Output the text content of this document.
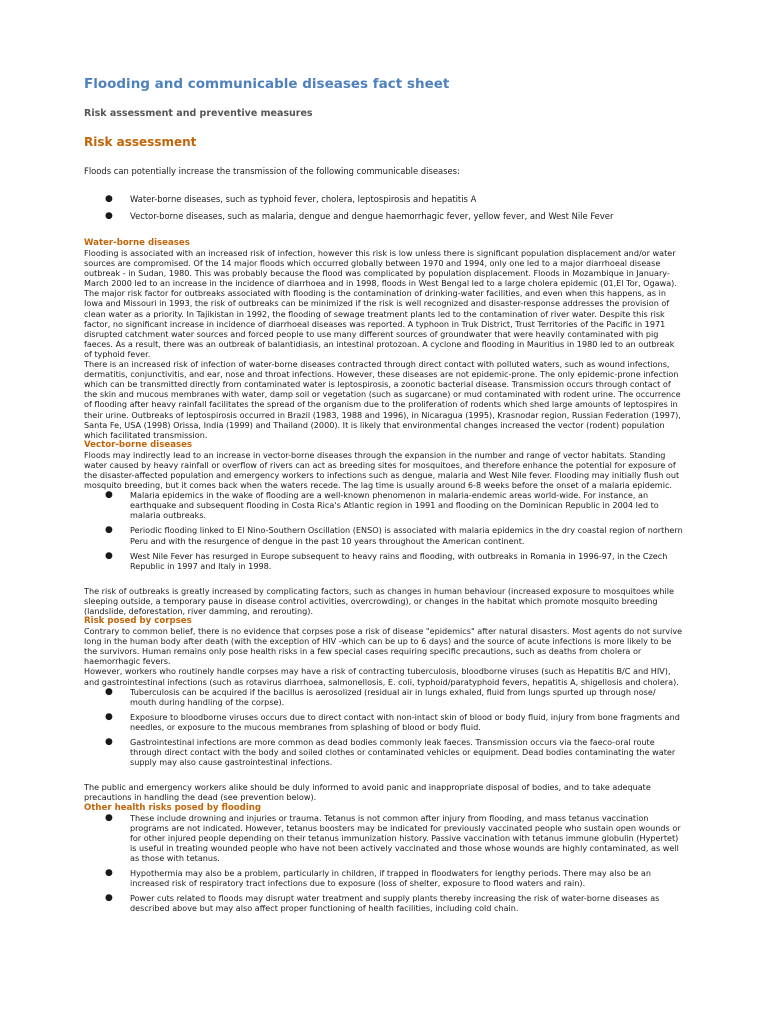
Flooding and communicable diseases fact sheet
Risk assessment and preventive measures
Risk assessment

Floods can potentially increase the transmission of the following communicable diseases:

● Water-borne diseases, such as typhoid fever, cholera, leptospirosis and hepatitis A
● Vector-borne diseases, such as malaria, dengue and dengue haemorrhagic fever, yellow fever, and West Nile Fever

Water-borne diseases

Flooding is associated with an increased risk of infection, however this risk is low unless there is significant population displacement and/or water sources are compromised. Of the 14 major floods which occurred globally between 1970 and 1994, only one led to a major diarrhoeal disease outbreak - in Sudan, 1980. This was probably because the flood was complicated by population displacement. Floods in Mozambique in January-March 2000 led to an increase in the incidence of diarrhoea and in 1998, floods in West Bengal led to a large cholera epidemic (01,El Tor, Ogawa).

The major risk factor for outbreaks associated with flooding is the contamination of drinking-water facilities, and even when this happens, as in Iowa and Missouri in 1993, the risk of outbreaks can be minimized if the risk is well recognized and disaster-response addresses the provision of clean water as a priority. In Tajikistan in 1992, the flooding of sewage treatment plants led to the contamination of river water. Despite this risk factor, no significant increase in incidence of diarrhoeal diseases was reported. A typhoon in Truk District, Trust Territories of the Pacific in 1971 disrupted catchment water sources and forced people to use many different sources of groundwater that were heavily contaminated with pig faeces. As a result, there was an outbreak of balantidiasis, an intestinal protozoan. A cyclone and flooding in Mauritius in 1980 led to an outbreak of typhoid fever.

There is an increased risk of infection of water-borne diseases contracted through direct contact with polluted waters, such as wound infections, dermatitis, conjunctivitis, and ear, nose and throat infections. However, these diseases are not epidemic-prone. The only epidemic-prone infection which can be transmitted directly from contaminated water is leptospirosis, a zoonotic bacterial disease. Transmission occurs through contact of the skin and mucous membranes with water, damp soil or vegetation (such as sugarcane) or mud contaminated with rodent urine. The occurrence of flooding after heavy rainfall facilitates the spread of the organism due to the proliferation of rodents which shed large amounts of leptospires in their urine. Outbreaks of leptospirosis occurred in Brazil (1983, 1988 and 1996), in Nicaragua (1995), Krasnodar region, Russian Federation (1997), Santa Fe, USA (1998) Orissa, India (1999) and Thailand (2000). It is likely that environmental changes increased the vector (rodent) population which facilitated transmission.

Vector-borne diseases

Floods may indirectly lead to an increase in vector-borne diseases through the expansion in the number and range of vector habitats. Standing water caused by heavy rainfall or overflow of rivers can act as breeding sites for mosquitoes, and therefore enhance the potential for exposure of the disaster-affected population and emergency workers to infections such as dengue, malaria and West Nile fever. Flooding may initially flush out mosquito breeding, but it comes back when the waters recede. The lag time is usually around 6-8 weeks before the onset of a malaria epidemic.

● Malaria epidemics in the wake of flooding are a well-known phenomenon in malaria-endemic areas world-wide. For instance, an earthquake and subsequent flooding in Costa Rica's Atlantic region in 1991 and flooding on the Dominican Republic in 2004 led to malaria outbreaks.
● Periodic flooding linked to El Nino-Southern Oscillation (ENSO) is associated with malaria epidemics in the dry coastal region of northern Peru and with the resurgence of dengue in the past 10 years throughout the American continent.
● West Nile Fever has resurged in Europe subsequent to heavy rains and flooding, with outbreaks in Romania in 1996-97, in the Czech Republic in 1997 and Italy in 1998.

The risk of outbreaks is greatly increased by complicating factors, such as changes in human behaviour (increased exposure to mosquitoes while sleeping outside, a temporary pause in disease control activities, overcrowding), or changes in the habitat which promote mosquito breeding (landslide, deforestation, river damming, and rerouting).

Risk posed by corpses

Contrary to common belief, there is no evidence that corpses pose a risk of disease "epidemics" after natural disasters. Most agents do not survive long in the human body after death (with the exception of HIV -which can be up to 6 days) and the source of acute infections is more likely to be the survivors. Human remains only pose health risks in a few special cases requiring specific precautions, such as deaths from cholera or haemorrhagic fevers.

However, workers who routinely handle corpses may have a risk of contracting tuberculosis, bloodborne viruses (such as Hepatitis B/C and HIV), and gastrointestinal infections (such as rotavirus diarrhoea, salmonellosis, E. coli, typhoid/paratyphoid fevers, hepatitis A, shigellosis and cholera).

● Tuberculosis can be acquired if the bacillus is aerosolized (residual air in lungs exhaled, fluid from lungs spurted up through nose/ mouth during handling of the corpse).
● Exposure to bloodborne viruses occurs due to direct contact with non-intact skin of blood or body fluid, injury from bone fragments and needles, or exposure to the mucous membranes from splashing of blood or body fluid.
● Gastrointestinal infections are more common as dead bodies commonly leak faeces. Transmission occurs via the faeco-oral route through direct contact with the body and soiled clothes or contaminated vehicles or equipment. Dead bodies contaminating the water supply may also cause gastrointestinal infections.

The public and emergency workers alike should be duly informed to avoid panic and inappropriate disposal of bodies, and to take adequate precautions in handling the dead (see prevention below).

Other health risks posed by flooding

● These include drowning and injuries or trauma. Tetanus is not common after injury from flooding, and mass tetanus vaccination programs are not indicated. However, tetanus boosters may be indicated for previously vaccinated people who sustain open wounds or for other injured people depending on their tetanus immunization history. Passive vaccination with tetanus immune globulin (Hypertet) is useful in treating wounded people who have not been actively vaccinated and those whose wounds are highly contaminated, as well as those with tetanus.
● Hypothermia may also be a problem, particularly in children, if trapped in floodwaters for lengthy periods. There may also be an increased risk of respiratory tract infections due to exposure (loss of shelter, exposure to flood waters and rain).
● Power cuts related to floods may disrupt water treatment and supply plants thereby increasing the risk of water-borne diseases as described above but may also affect proper functioning of health facilities, including cold chain.
